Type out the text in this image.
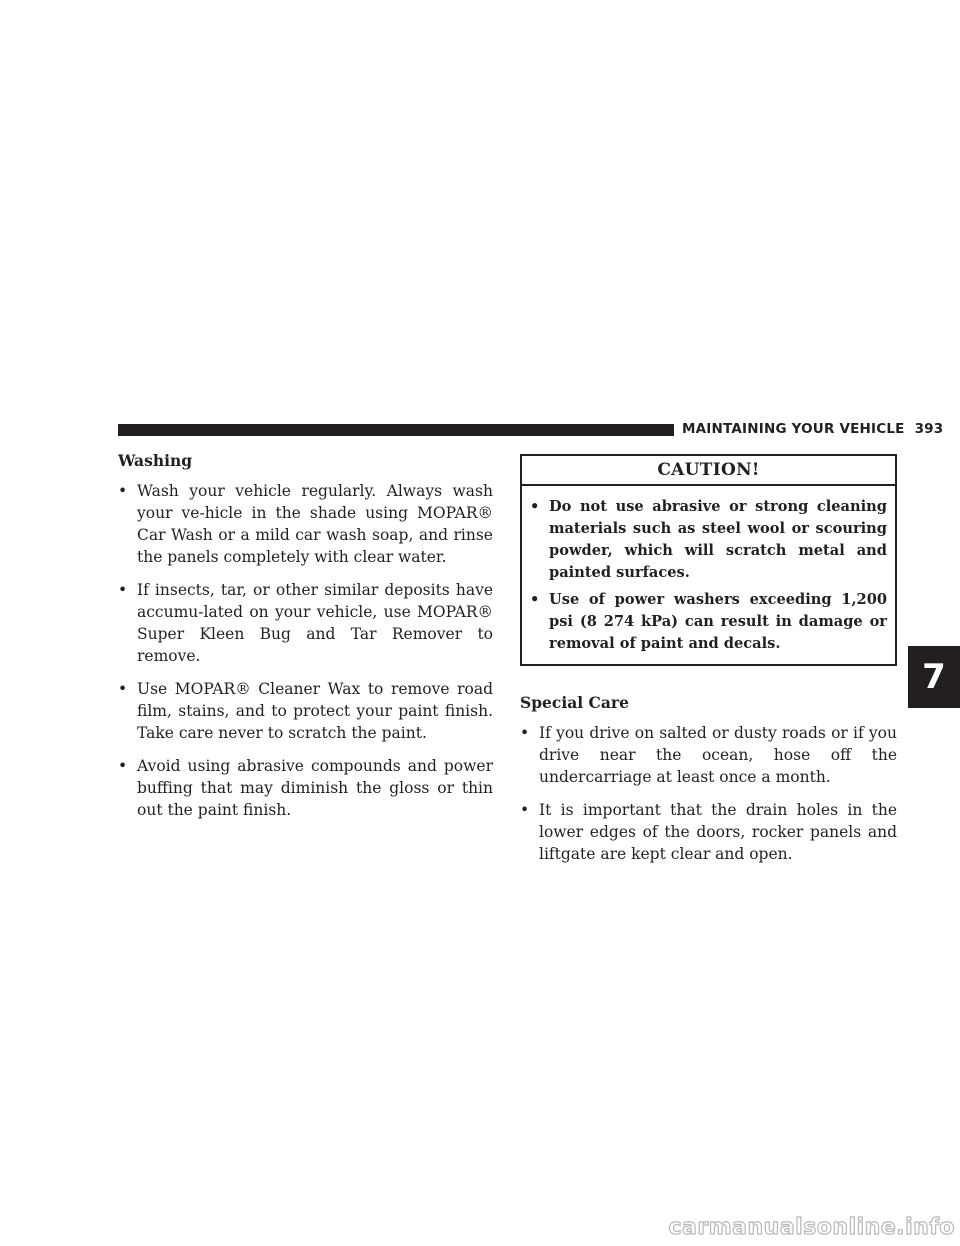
MAINTAINING YOUR VEHICLE 393
Washing
• Wash your vehicle regularly. Always wash your ve-hicle in the shade using MOPAR® Car Wash or a mild car wash soap, and rinse the panels completely with clear water.
• If insects, tar, or other similar deposits have accumu-lated on your vehicle, use MOPAR® Super Kleen Bug and Tar Remover to remove.
• Use MOPAR® Cleaner Wax to remove road film, stains, and to protect your paint finish. Take care never to scratch the paint.
• Avoid using abrasive compounds and power buffing that may diminish the gloss or thin out the paint finish.
CAUTION!
• Do not use abrasive or strong cleaning materials such as steel wool or scouring powder, which will scratch metal and painted surfaces.
• Use of power washers exceeding 1,200 psi (8 274 kPa) can result in damage or removal of paint and decals.
Special Care
• If you drive on salted or dusty roads or if you drive near the ocean, hose off the undercarriage at least once a month.
• It is important that the drain holes in the lower edges of the doors, rocker panels and liftgate are kept clear and open.
7
carmanualsonline.info
